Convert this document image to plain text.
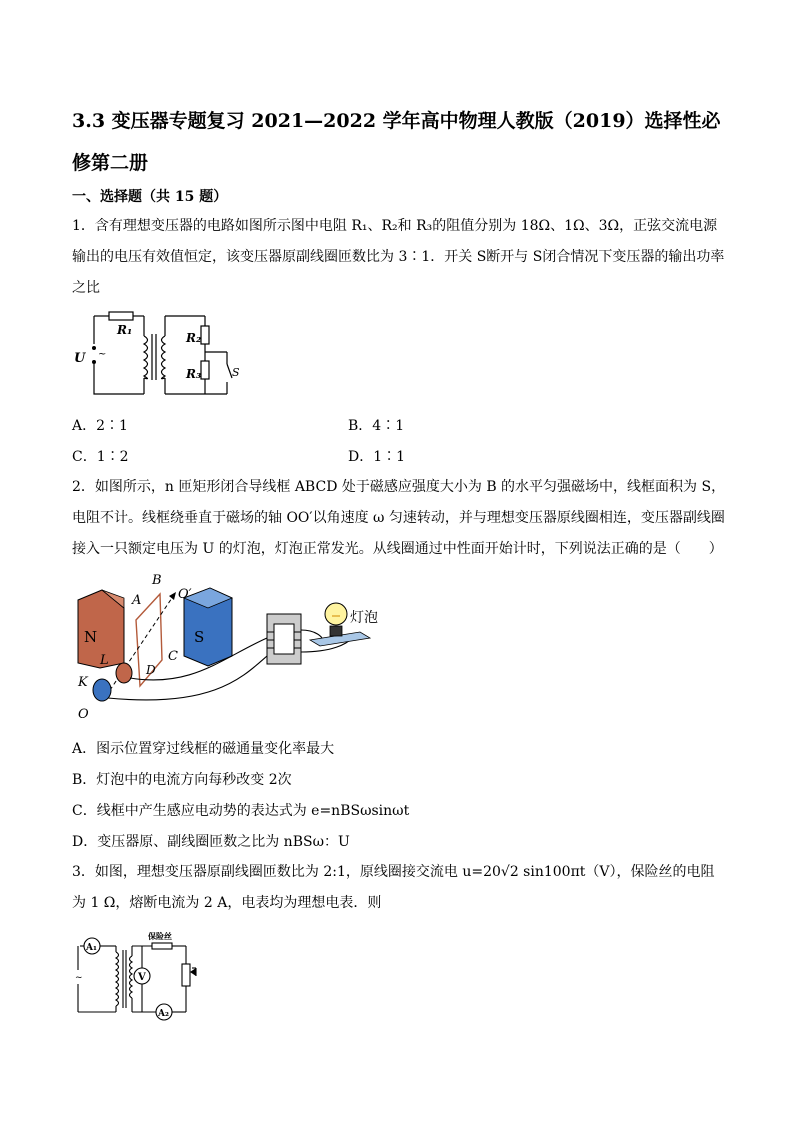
3.3 变压器专题复习 2021—2022 学年高中物理人教版（2019）选择性必修第二册
一、选择题（共 15 题）
1．含有理想变压器的电路如图所示图中电阻 R₁、R₂和 R₃的阻值分别为 18Ω、1Ω、3Ω，正弦交流电源输出的电压有效值恒定，该变压器原副线圈匝数比为 3∶1．开关 S断开与 S闭合情况下变压器的输出功率之比
~
R₁
R₂
R₃
U
S
A．2∶1	B．4∶1
C．1∶2	D．1∶1
2．如图所示，n 匝矩形闭合导线框 ABCD 处于磁感应强度大小为 B 的水平匀强磁场中，线框面积为 S，电阻不计。线框绕垂直于磁场的轴 OO′以角速度 ω 匀速转动，并与理想变压器原线圈相连，变压器副线圈接入一只额定电压为 U 的灯泡，灯泡正常发光。从线圈通过中性面开始计时，下列说法正确的是（　　）
N	S
灯泡
B
A
C
D
O′
O
K
L
A．图示位置穿过线框的磁通量变化率最大
B．灯泡中的电流方向每秒改变 2次
C．线框中产生感应电动势的表达式为 e=nBSωsinωt
D．变压器原、副线圈匝数之比为 nBSω：U
3．如图，理想变压器原副线圈匝数比为 2:1，原线圈接交流电 u=20√2 sin100πt（V），保险丝的电阻为 1 Ω，熔断电流为 2 A，电表均为理想电表．则
A₁
V
A₂
保险丝
~
